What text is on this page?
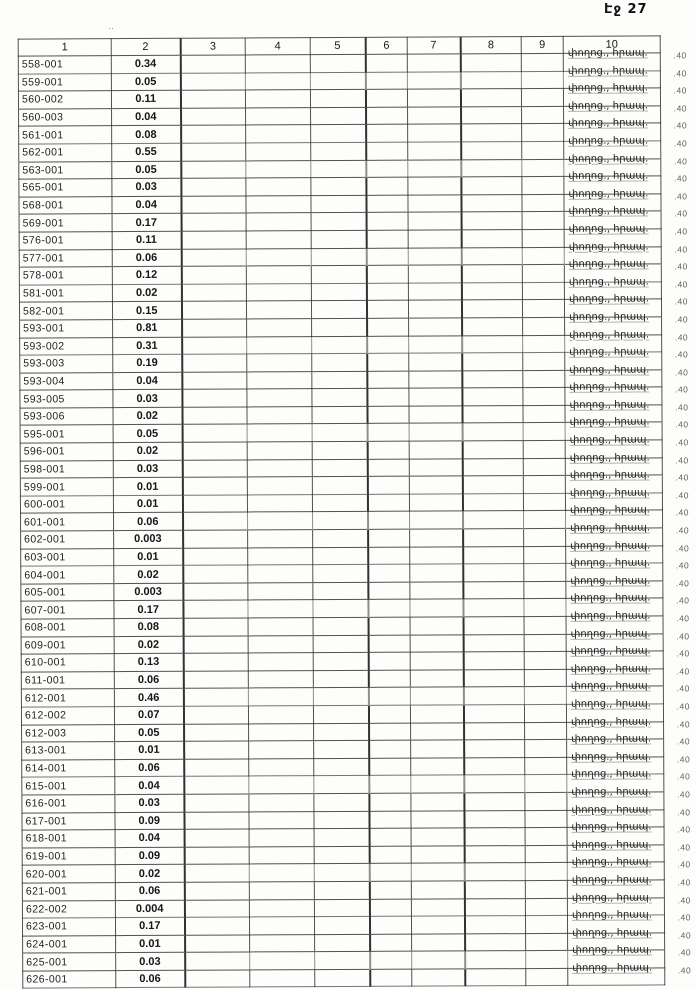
Էջ 27
‥
1	2	3	4	5	6	7	8	9	10
558-001	0.34								փողոց., հրապ. .40

559-001	0.05								փողոց., հրապ. .40

560-002	0.11								փողոց., հրապ. .40

560-003	0.04								փողոց., հրապ. .40

561-001	0.08								փողոց., հրապ. .40

562-001	0.55								փողոց., հրապ. .40

563-001	0.05								փողոց., հրապ. .40

565-001	0.03								փողոց., հրապ. .40

568-001	0.04								փողոց., հրապ. .40

569-001	0.17								փողոց., հրապ. .40

576-001	0.11								փողոց., հրապ. .40

577-001	0.06								փողոց., հրապ. .40

578-001	0.12								փողոց., հրապ. .40

581-001	0.02								փողոց., հրապ. .40

582-001	0.15								փողոց., հրապ. .40

593-001	0.81								փողոց., հրապ. .40

593-002	0.31								փողոց., հրապ. .40

593-003	0.19								փողոց., հրապ. .40

593-004	0.04								փողոց., հրապ. .40

593-005	0.03								փողոց., հրապ. .40

593-006	0.02								փողոց., հրապ. .40

595-001	0.05								փողոց., հրապ. .40

596-001	0.02								փողոց., հրապ. .40

598-001	0.03								փողոց., հրապ. .40

599-001	0.01								փողոց., հրապ. .40

600-001	0.01								փողոց., հրապ. .40

601-001	0.06								փողոց., հրապ. .40

602-001	0.003								փողոց., հրապ. .40

603-001	0.01								փողոց., հրապ. .40

604-001	0.02								փողոց., հրապ. .40

605-001	0.003								փողոց., հրապ. .40

607-001	0.17								փողոց., հրապ. .40

608-001	0.08								փողոց., հրապ. .40

609-001	0.02								փողոց., հրապ. .40

610-001	0.13								փողոց., հրապ. .40

611-001	0.06								փողոց., հրապ. .40

612-001	0.46								փողոց., հրապ. .40

612-002	0.07								փողոց., հրապ. .40

612-003	0.05								փողոց., հրապ. .40

613-001	0.01								փողոց., հրապ. .40

614-001	0.06								փողոց., հրապ. .40

615-001	0.04								փողոց., հրապ. .40

616-001	0.03								փողոց., հրապ. .40

617-001	0.09								փողոց., հրապ. .40

618-001	0.04								փողոց., հրապ. .40

619-001	0.09								փողոց., հրապ. .40

620-001	0.02								փողոց., հրապ. .40

621-001	0.06								փողոց., հրապ. .40

622-002	0.004								փողոց., հրապ. .40

623-001	0.17								փողոց., հրապ. .40

624-001	0.01								փողոց., հրապ. .40

625-001	0.03								փողոց., հրապ. .40

626-001	0.06								փողոց., հրապ. .40
